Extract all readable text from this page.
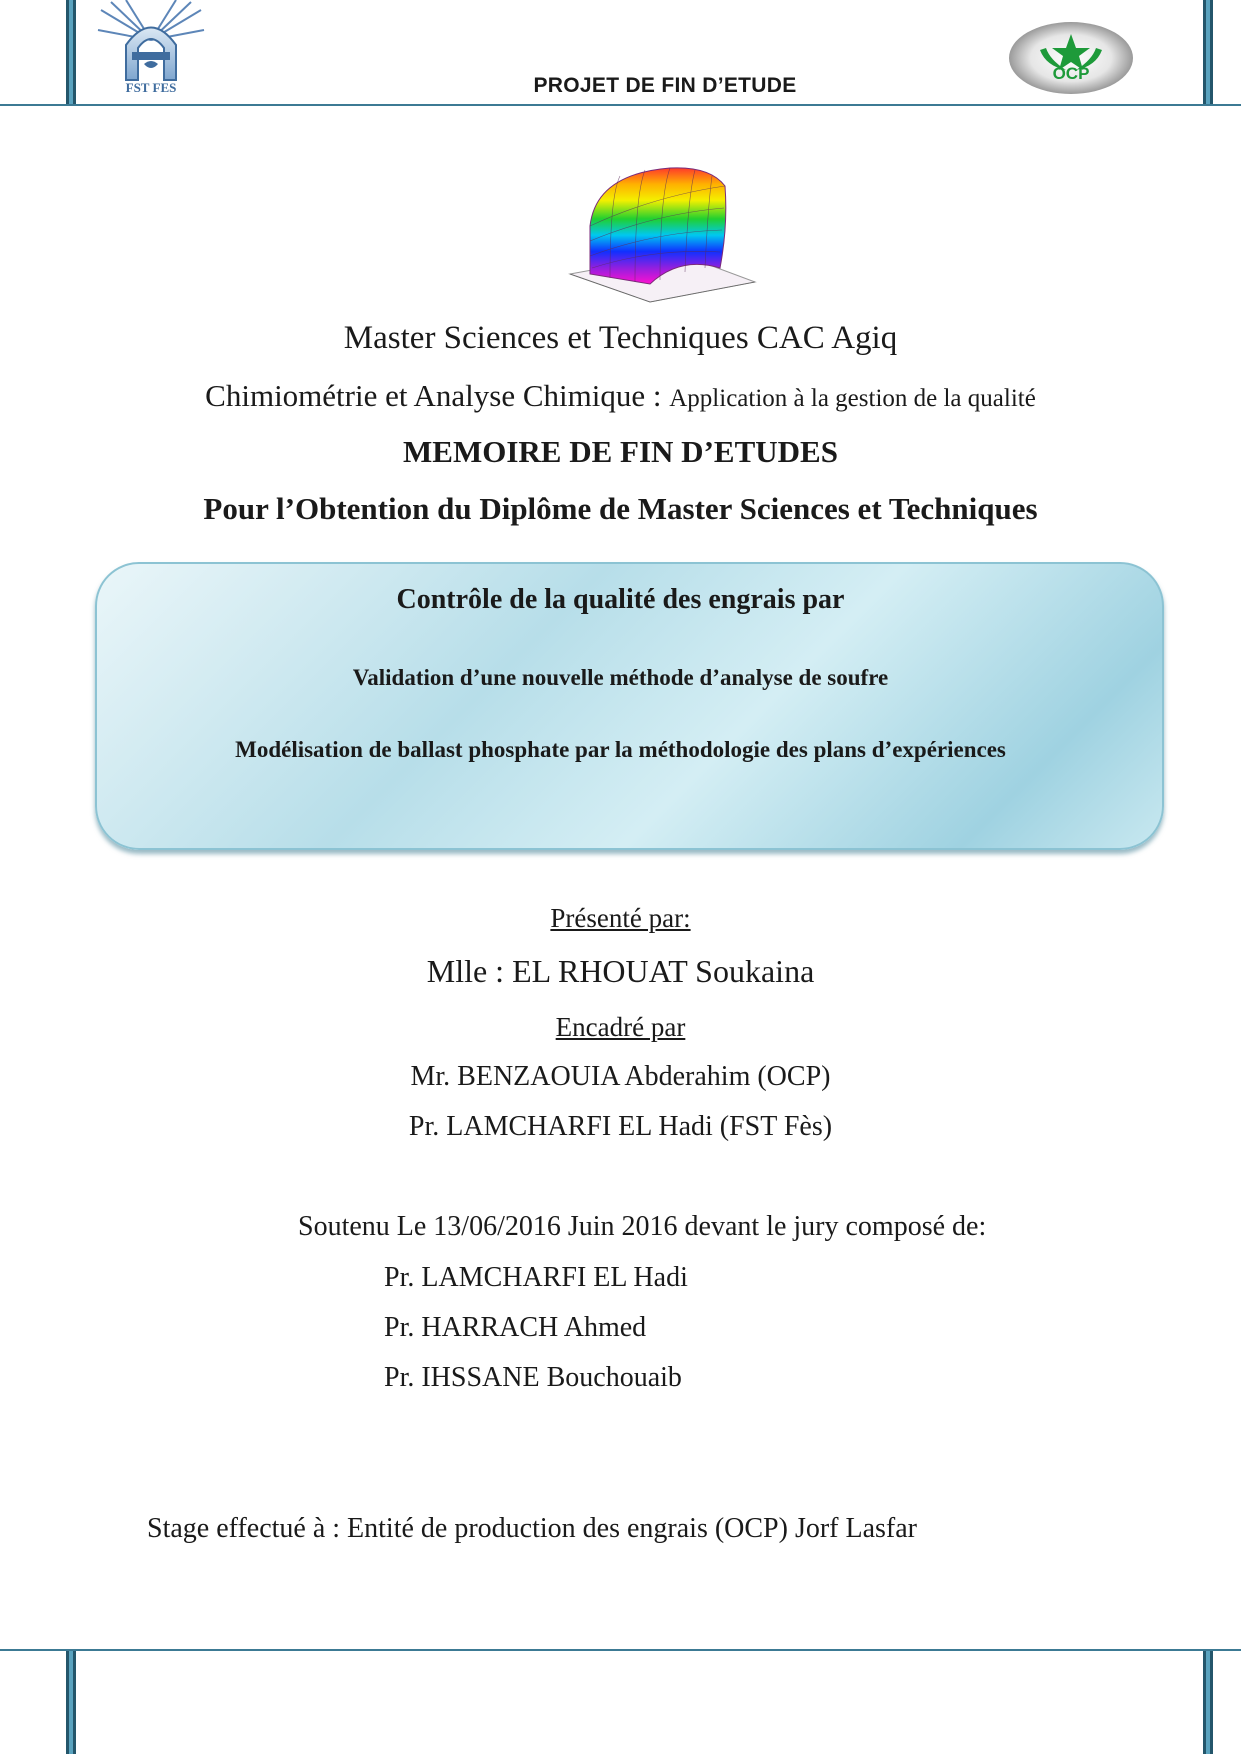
FST FES
OCP
PROJET DE FIN D’ETUDE
Master Sciences et Techniques CAC Agiq
Chimiométrie et Analyse Chimique : Application à la gestion de la qualité
MEMOIRE DE FIN D’ETUDES
Pour l’Obtention du Diplôme de Master Sciences et Techniques
Contrôle de la qualité des engrais par
Validation d’une nouvelle méthode d’analyse de soufre
Modélisation de ballast phosphate par la méthodologie des plans d’expériences
Présenté par:
Mlle : EL RHOUAT Soukaina
Encadré par
Mr. BENZAOUIA Abderahim (OCP)
Pr. LAMCHARFI EL Hadi (FST Fès)
Soutenu Le 13/06/2016 Juin 2016 devant le jury composé de:
Pr. LAMCHARFI EL Hadi
Pr. HARRACH Ahmed
Pr. IHSSANE Bouchouaib
Stage effectué à : Entité de production des engrais (OCP) Jorf Lasfar
